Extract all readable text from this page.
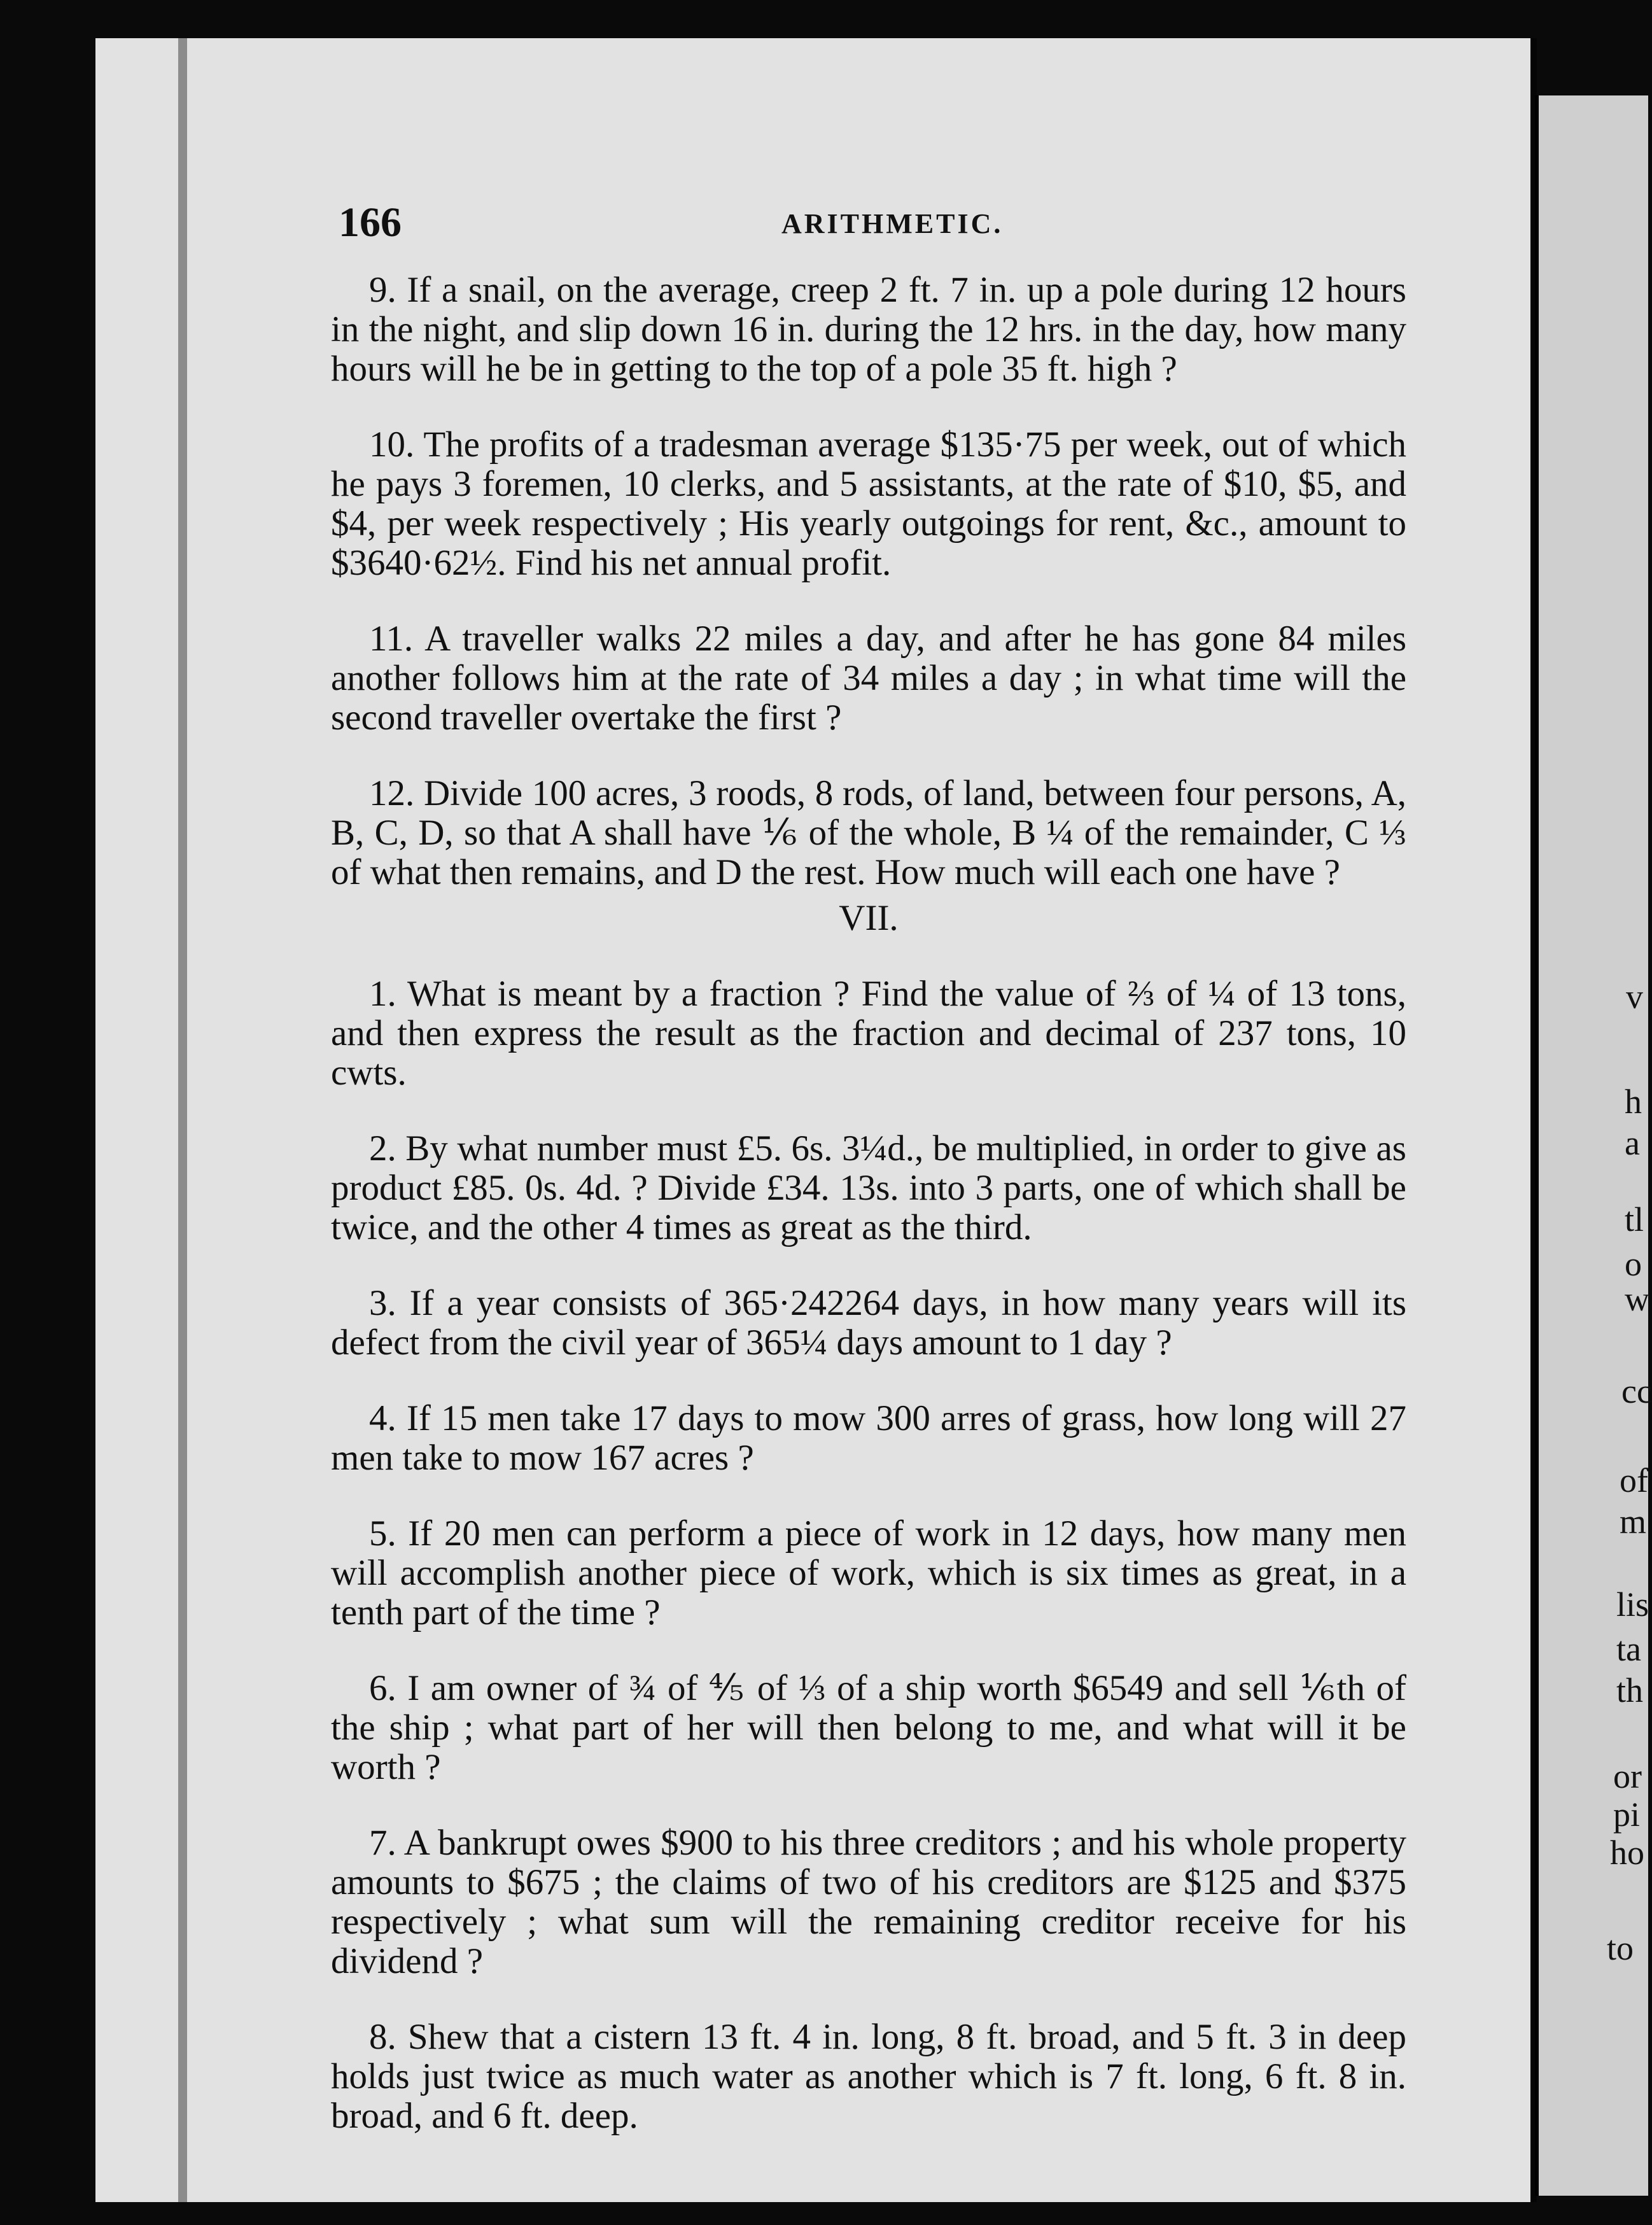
166	ARITHMETIC.

9. If a snail, on the average, creep 2 ft. 7 in. up a pole during 12 hours in the night, and slip down 16 in. during the 12 hrs. in the day, how many hours will he be in getting to the top of a pole 35 ft. high ?

10. The profits of a tradesman average $135·75 per week, out of which he pays 3 foremen, 10 clerks, and 5 assistants, at the rate of $10, $5, and $4, per week respectively ; His yearly outgoings for rent, &c., amount to $3640·62½. Find his net annual profit.

11. A traveller walks 22 miles a day, and after he has gone 84 miles another follows him at the rate of 34 miles a day ; in what time will the second traveller overtake the first ?

12. Divide 100 acres, 3 roods, 8 rods, of land, between four persons, A, B, C, D, so that A shall have ⅙ of the whole, B ¼ of the remainder, C ⅓ of what then remains, and D the rest. How much will each one have ?

VII.

1. What is meant by a fraction ? Find the value of ⅔ of ¼ of 13 tons, and then express the result as the fraction and decimal of 237 tons, 10 cwts.

2. By what number must £5. 6s. 3¼d., be multiplied, in order to give as product £85. 0s. 4d. ? Divide £34. 13s. into 3 parts, one of which shall be twice, and the other 4 times as great as the third.

3. If a year consists of 365·242264 days, in how many years will its defect from the civil year of 365¼ days amount to 1 day ?

4. If 15 men take 17 days to mow 300 arres of grass, how long will 27 men take to mow 167 acres ?

5. If 20 men can perform a piece of work in 12 days, how many men will accomplish another piece of work, which is six times as great, in a tenth part of the time ?

6. I am owner of ¾ of ⅘ of ⅓ of a ship worth $6549 and sell ⅙th of the ship ; what part of her will then belong to me, and what will it be worth ?

7. A bankrupt owes $900 to his three creditors ; and his whole property amounts to $675 ; the claims of two of his creditors are $125 and $375 respectively ; what sum will the remaining creditor receive for his dividend ?

8. Shew that a cistern 13 ft. 4 in. long, 8 ft. broad, and 5 ft. 3 in deep holds just twice as much water as another which is 7 ft. long, 6 ft. 8 in. broad, and 6 ft. deep.

v
h
a
tl
o
w
cc
of
m
lis
ta
th
or
pi
ho
to
